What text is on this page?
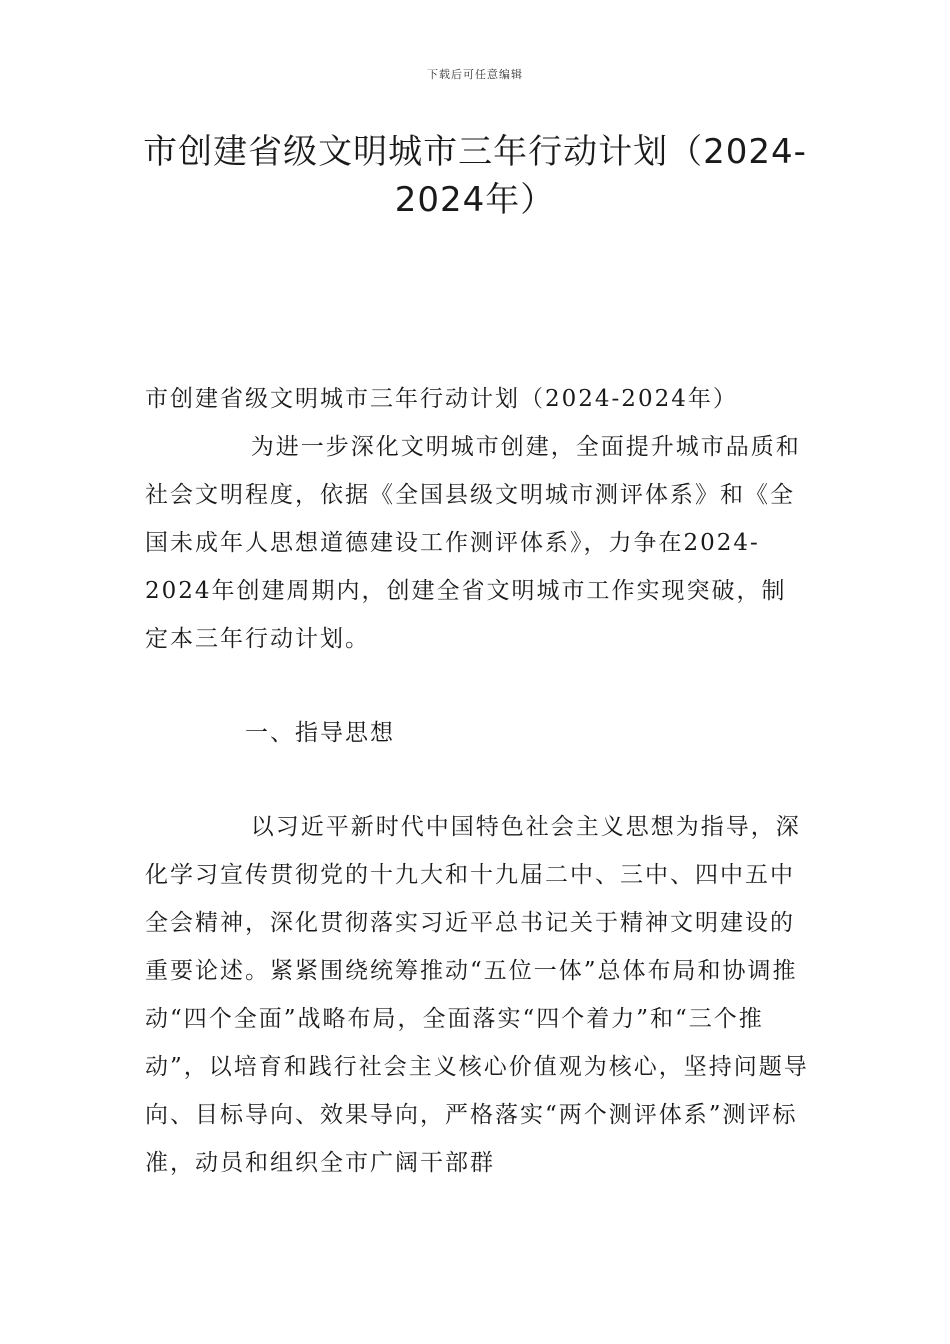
下载后可任意编辑
市创建省级文明城市三年行动计划（2024-2024年）

市创建省级文明城市三年行动计划（2024-2024年）

为进一步深化文明城市创建，全面提升城市品质和社会文明程度，依据《全国县级文明城市测评体系》和《全国未成年人思想道德建设工作测评体系》，力争在2024-2024年创建周期内，创建全省文明城市工作实现突破，制定本三年行动计划。

一、指导思想

以习近平新时代中国特色社会主义思想为指导，深化学习宣传贯彻党的十九大和十九届二中、三中、四中五中全会精神，深化贯彻落实习近平总书记关于精神文明建设的重要论述。紧紧围绕统筹推动“五位一体”总体布局和协调推动“四个全面”战略布局，全面落实“四个着力”和“三个推动”，以培育和践行社会主义核心价值观为核心，坚持问题导向、目标导向、效果导向，严格落实“两个测评体系”测评标准，动员和组织全市广阔干部群
